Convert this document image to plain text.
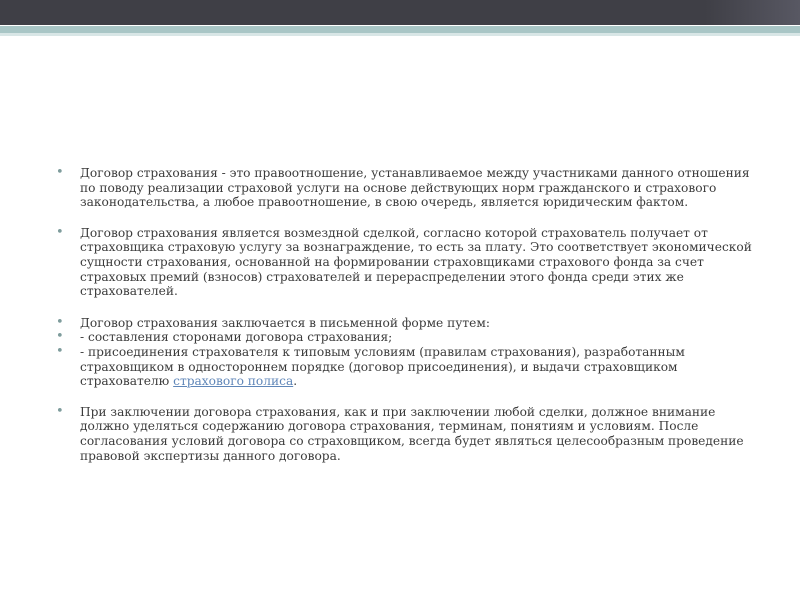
• Договор страхования - это правоотношение, устанавливаемое между участниками данного отношения по поводу реализации страховой услуги на основе действующих норм гражданского и страхового законодательства, а любое правоотношение, в свою очередь, является юридическим фактом.

• Договор страхования является возмездной сделкой, согласно которой страхователь получает от страховщика страховую услугу за вознаграждение, то есть за плату. Это соответствует экономической сущности страхования, основанной на формировании страховщиками страхового фонда за счет страховых премий (взносов) страхователей и перераспределении этого фонда среди этих же страхователей.

• Договор страхования заключается в письменной форме путем:

• - составления сторонами договора страхования;

• - присоединения страхователя к типовым условиям (правилам страхования), разработанным страховщиком в одностороннем порядке (договор присоединения), и выдачи страховщиком страхователю страхового полиса.

• При заключении договора страхования, как и при заключении любой сделки, должное внимание должно уделяться содержанию договора страхования, терминам, понятиям и условиям. После согласования условий договора со страховщиком, всегда будет являться целесообразным проведение правовой экспертизы данного договора.
